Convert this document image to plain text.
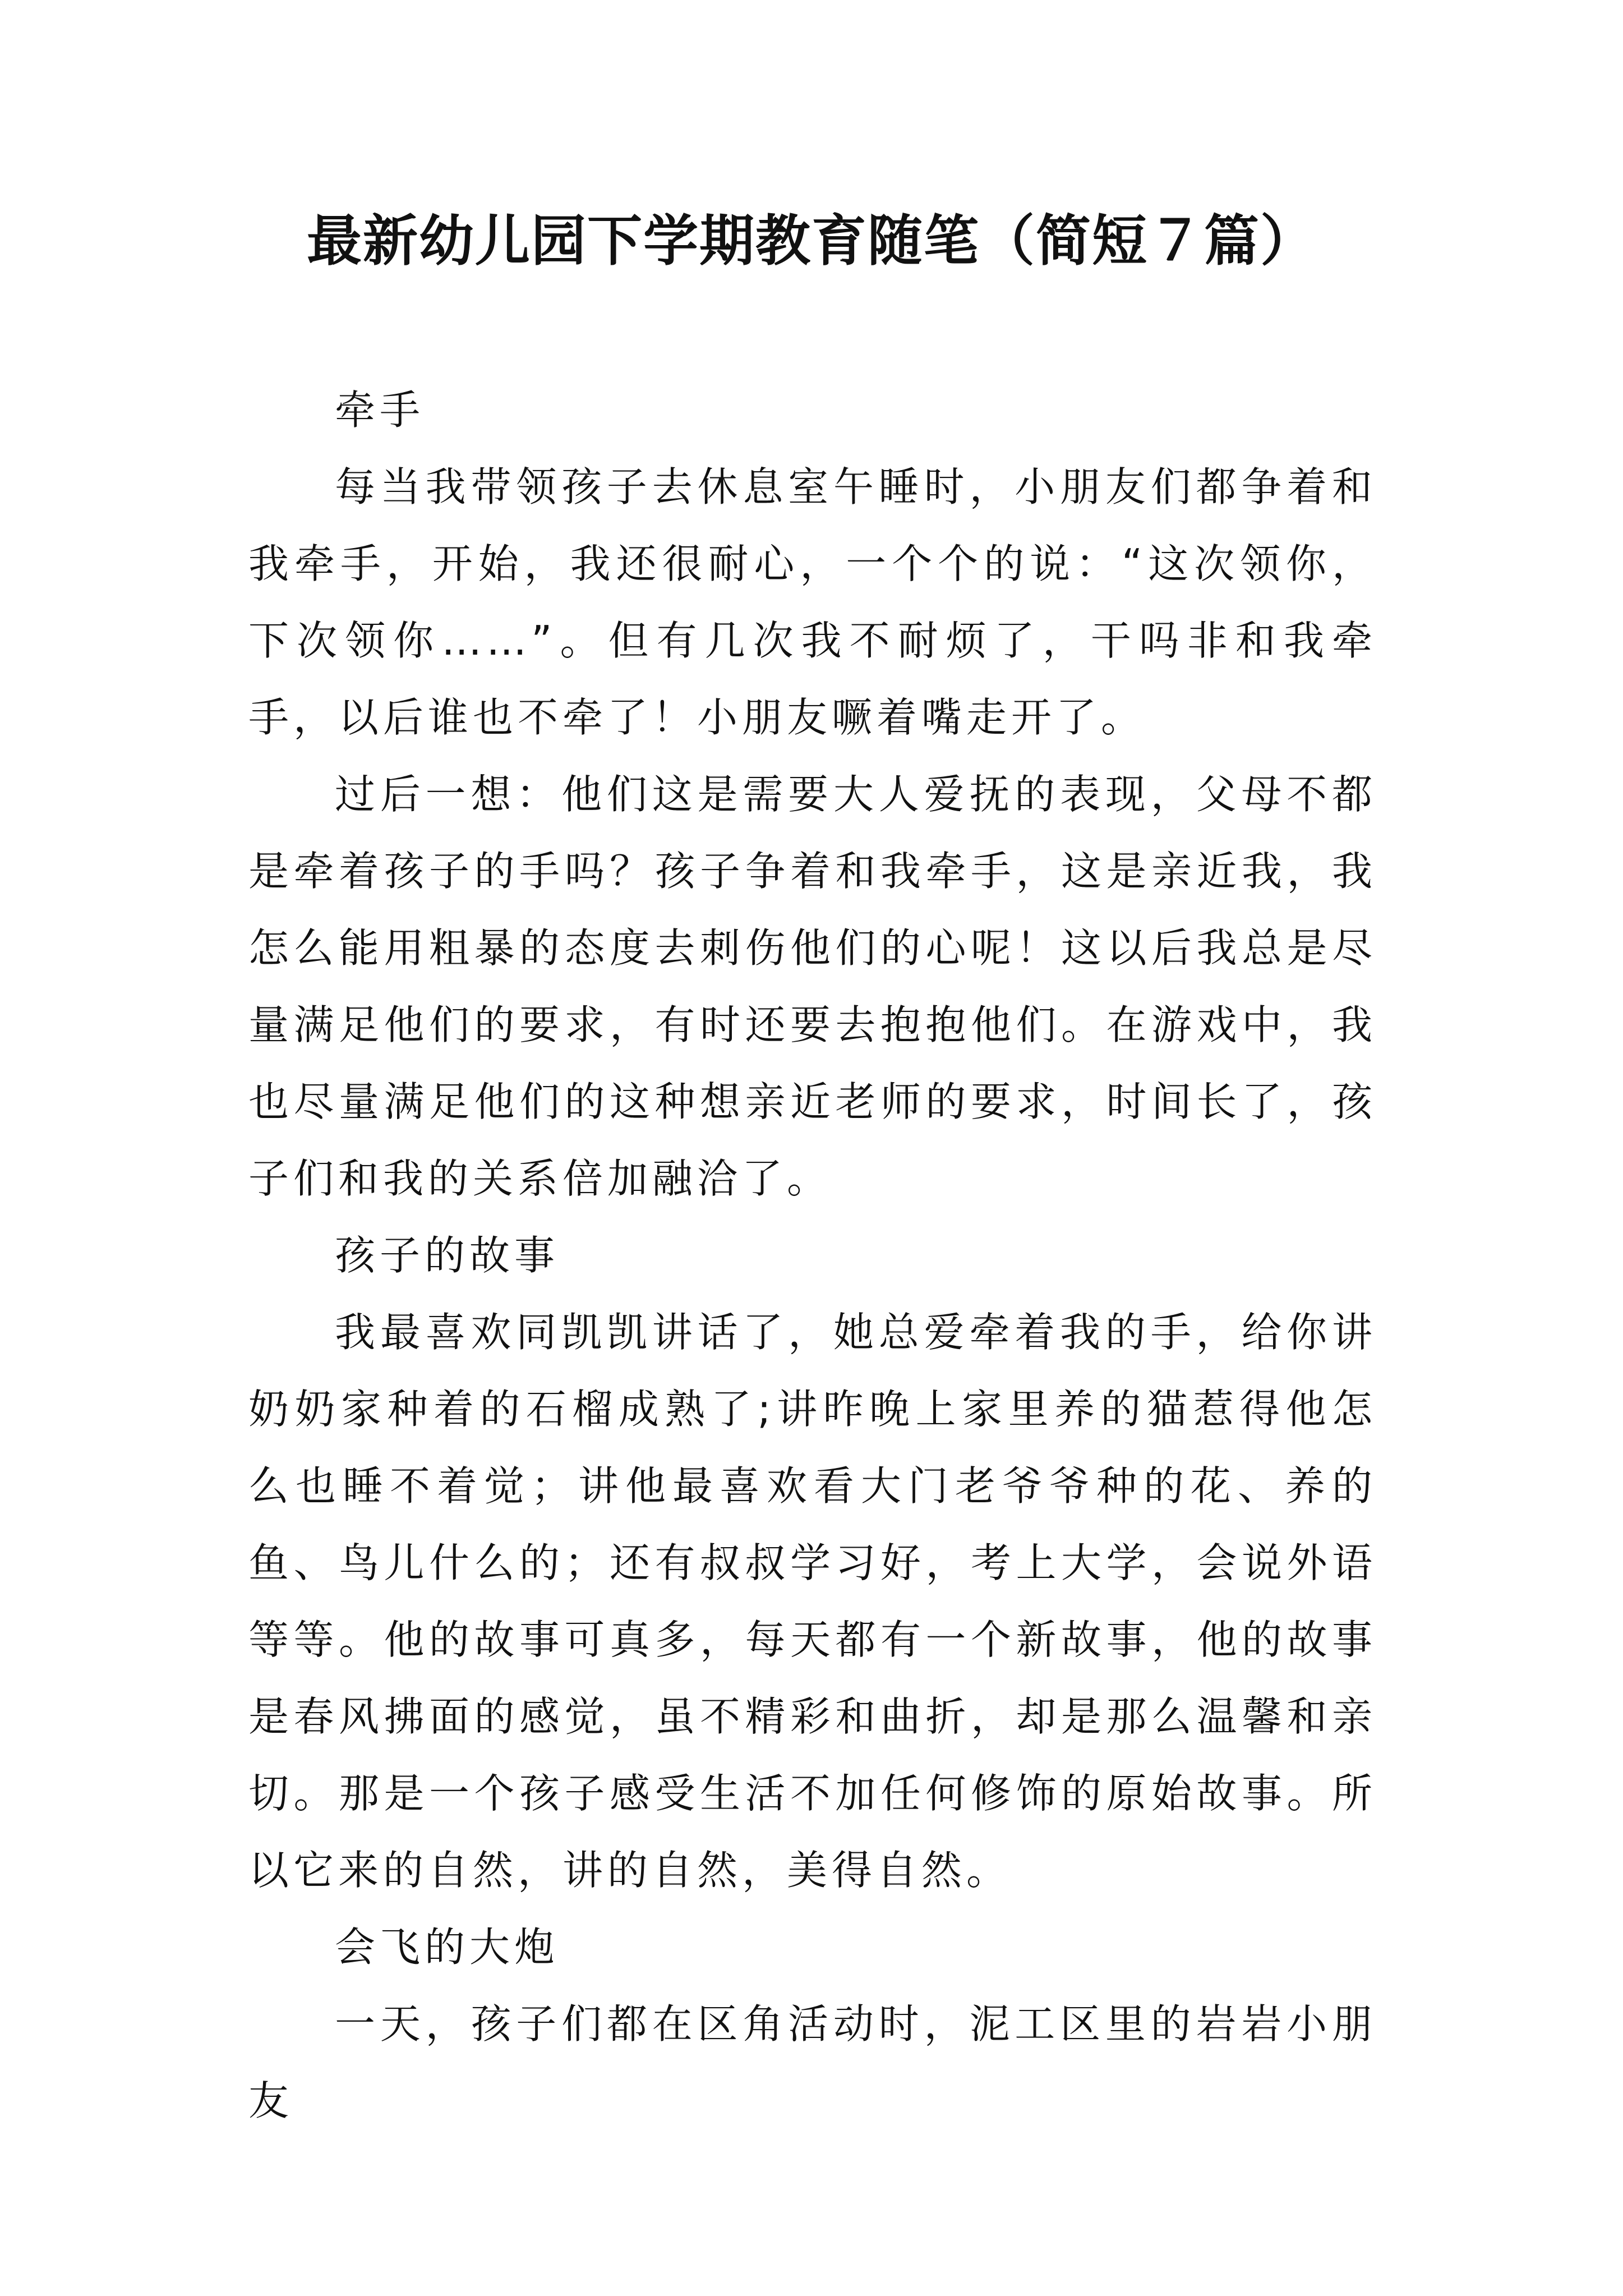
最新幼儿园下学期教育随笔（简短７篇）

牵手

每当我带领孩子去休息室午睡时，小朋友们都争着和我牵手，开始，我还很耐心，一个个的说：“这次领你，下次领你……”。但有几次我不耐烦了，干吗非和我牵手，以后谁也不牵了！小朋友噘着嘴走开了。

过后一想：他们这是需要大人爱抚的表现，父母不都是牵着孩子的手吗？孩子争着和我牵手，这是亲近我，我怎么能用粗暴的态度去刺伤他们的心呢！这以后我总是尽量满足他们的要求，有时还要去抱抱他们。在游戏中，我也尽量满足他们的这种想亲近老师的要求，时间长了，孩子们和我的关系倍加融洽了。

孩子的故事

我最喜欢同凯凯讲话了，她总爱牵着我的手，给你讲奶奶家种着的石榴成熟了;讲昨晚上家里养的猫惹得他怎么也睡不着觉；讲他最喜欢看大门老爷爷种的花、养的鱼、鸟儿什么的；还有叔叔学习好，考上大学，会说外语等等。他的故事可真多，每天都有一个新故事，他的故事是春风拂面的感觉，虽不精彩和曲折，却是那么温馨和亲切。那是一个孩子感受生活不加任何修饰的原始故事。所以它来的自然，讲的自然，美得自然。

会飞的大炮

一天，孩子们都在区角活动时，泥工区里的岩岩小朋友
